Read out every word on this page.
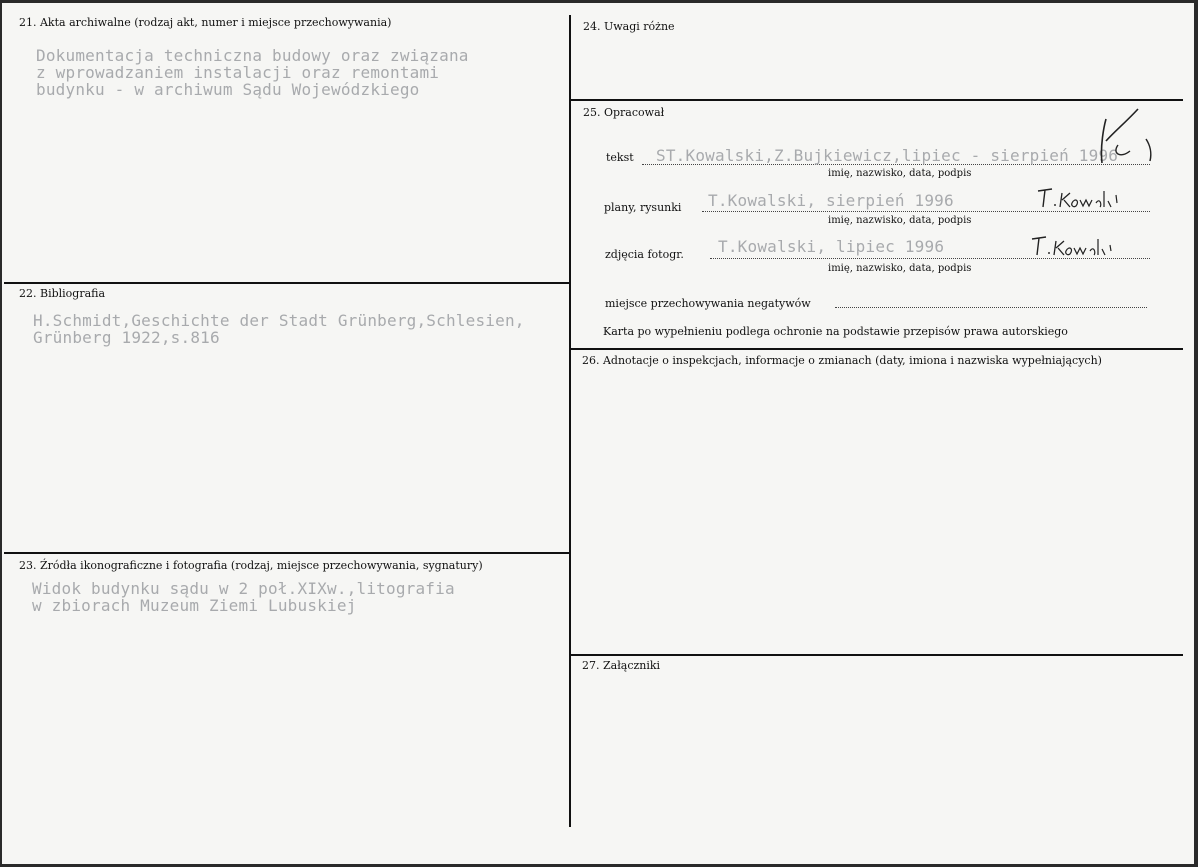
21. Akta archiwalne (rodzaj akt, numer i miejsce przechowywania)
Dokumentacja techniczna budowy oraz związana
z wprowadzaniem instalacji oraz remontami
budynku - w archiwum Sądu Wojewódzkiego
22. Bibliografia
H.Schmidt,Geschichte der Stadt Grünberg,Schlesien,
Grünberg 1922,s.816
23. Źródła ikonograficzne i fotografia (rodzaj, miejsce przechowywania, sygnatury)
Widok budynku sądu w 2 poł.XIXw.,litografia
w zbiorach Muzeum Ziemi Lubuskiej
24. Uwagi różne
25. Opracował
tekst ST.Kowalski,Z.Bujkiewicz,lipiec - sierpień 1996
imię, nazwisko, data, podpis
plany, rysunki T.Kowalski, sierpień 1996
imię, nazwisko, data, podpis
zdjęcia fotogr. T.Kowalski, lipiec 1996
imię, nazwisko, data, podpis
miejsce przechowywania negatywów
Karta po wypełnieniu podlega ochronie na podstawie przepisów prawa autorskiego
26. Adnotacje o inspekcjach, informacje o zmianach (daty, imiona i nazwiska wypełniających)
27. Załączniki
